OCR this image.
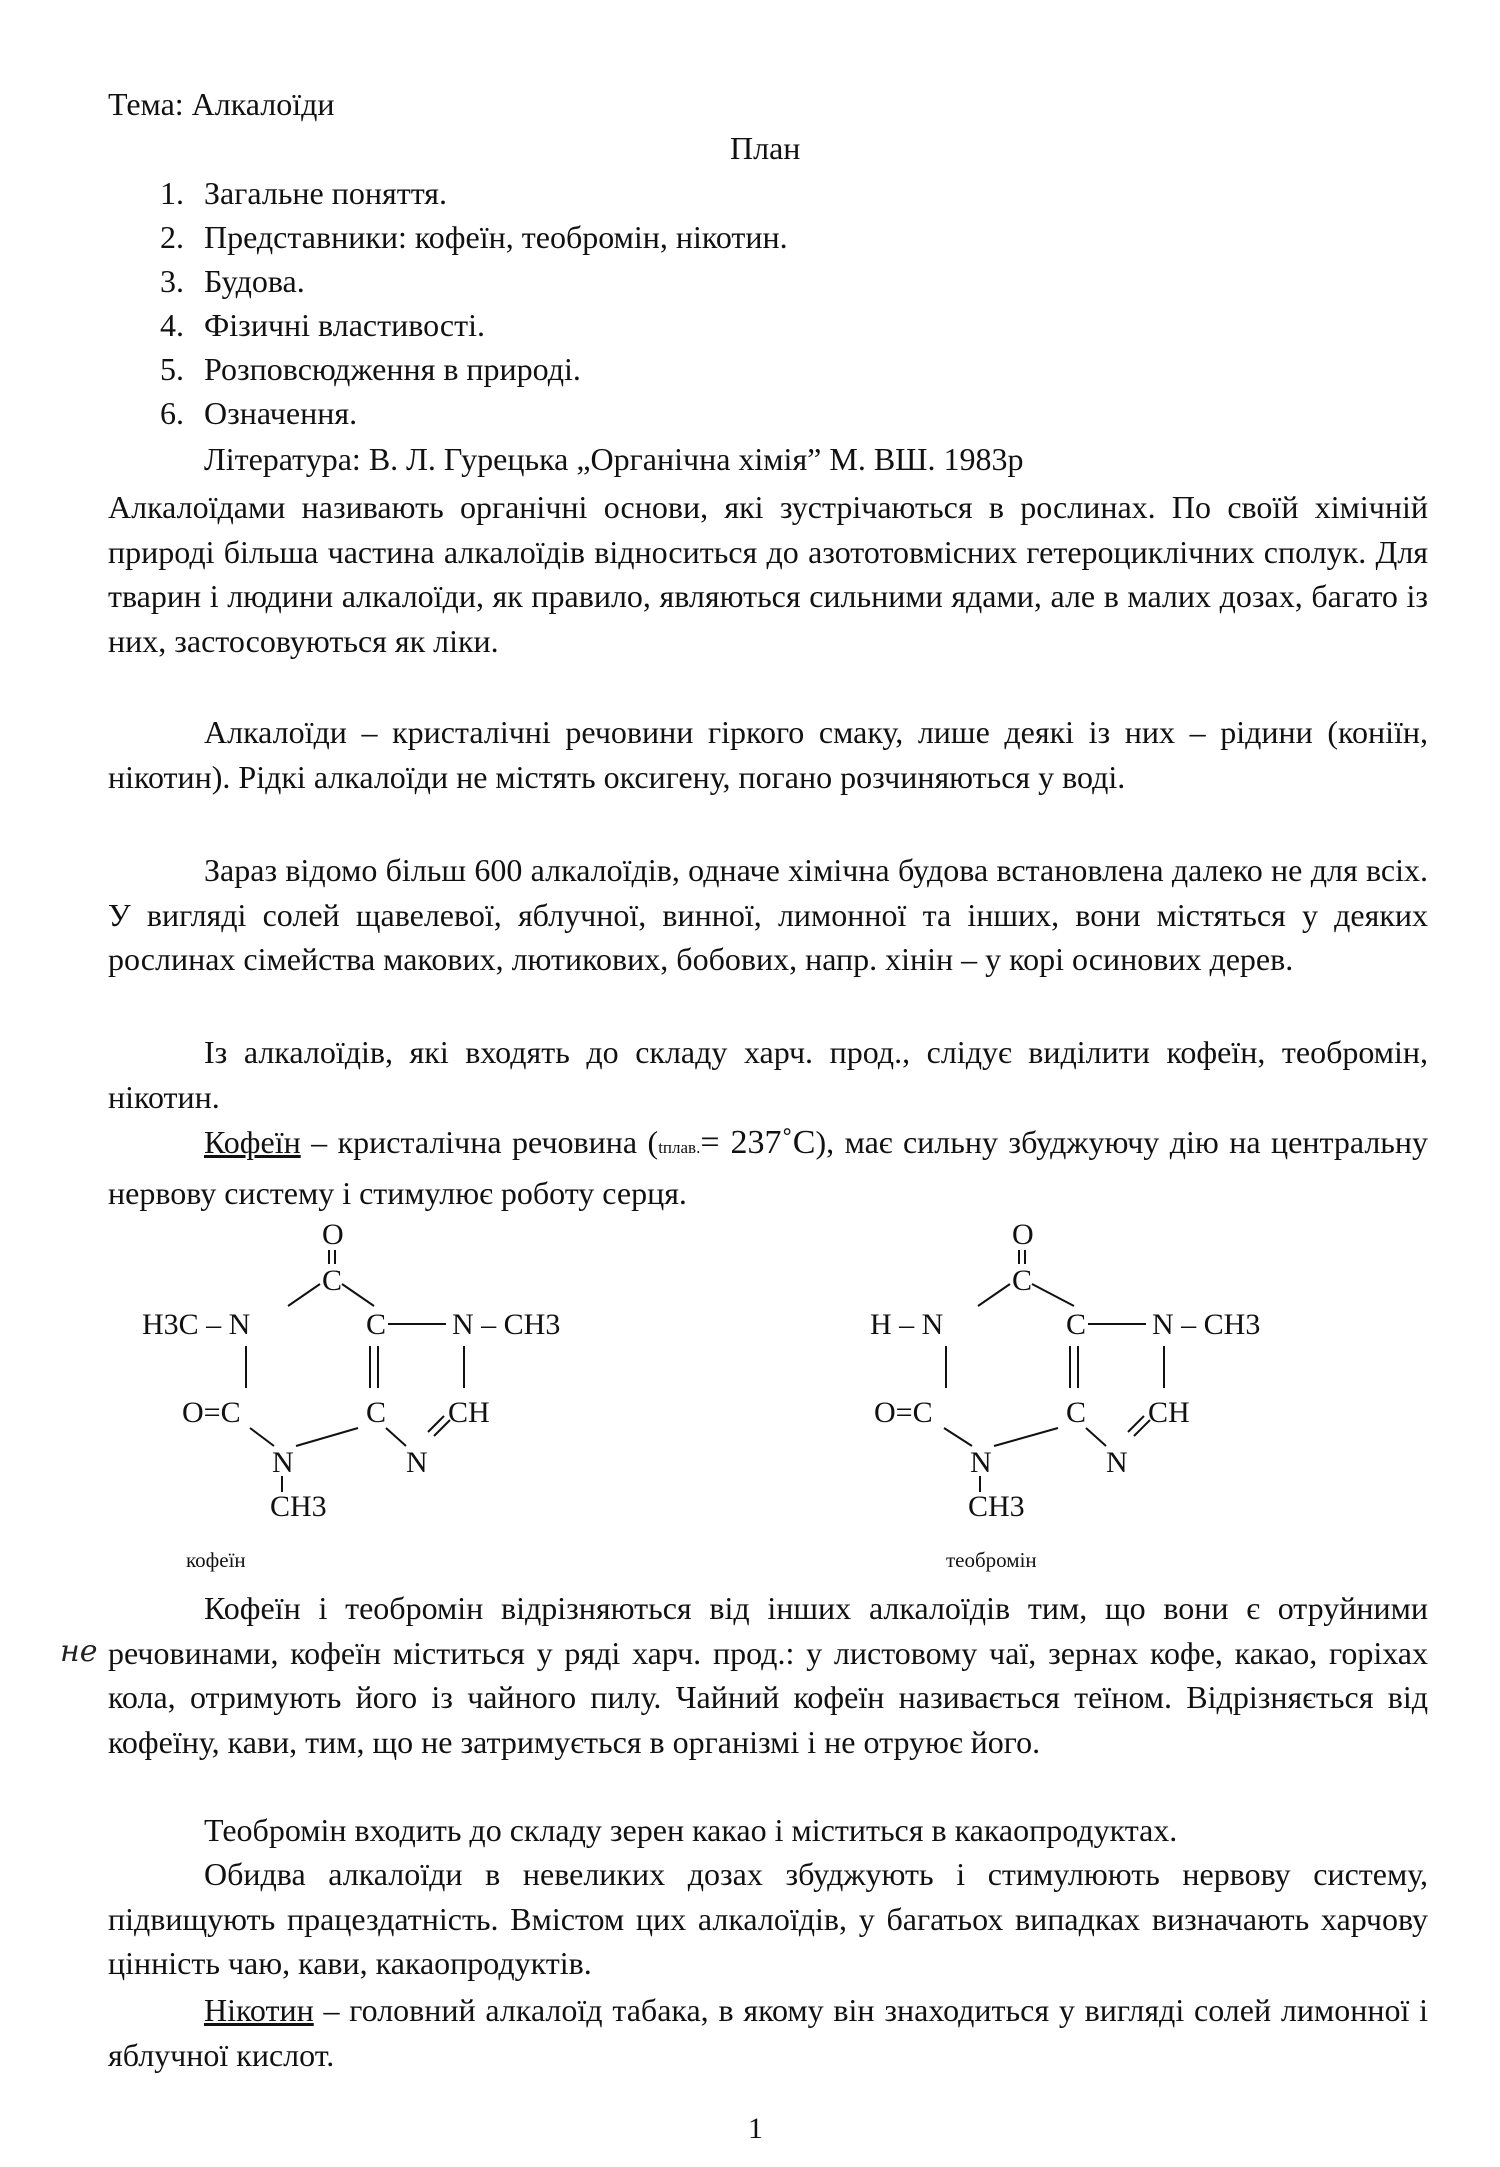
Тема: Алкалоїди
План
1. Загальне поняття.
2. Представники: кофеїн, теобромін, нікотин.
3. Будова.
4. Фізичні властивості.
5. Розповсюдження в природі.
6. Означення.
Література: В. Л. Гурецька „Органічна хімія” М. ВШ. 1983р
Алкалоїдами називають органічні основи, які зустрічаються в рослинах. По своїй хімічній природі більша частина алкалоїдів відноситься до азототовмісних гетероциклічних сполук. Для тварин і людини алкалоїди, як правило, являються сильними ядами, але в малих дозах, багато із них, застосовуються як ліки.
Алкалоїди – кристалічні речовини гіркого смаку, лише деякі із них – рідини (коніїн, нікотин). Рідкі алкалоїди не містять оксигену, погано розчиняються у воді.
Зараз відомо більш 600 алкалоїдів, одначе хімічна будова встановлена далеко не для всіх. У вигляді солей щавелевої, яблучної, винної, лимонної та інших, вони містяться у деяких рослинах сімейства макових, лютикових, бобових, напр. хінін – у корі осинових дерев.
Із алкалоїдів, які входять до складу харч. прод., слідує виділити кофеїн, теобромін, нікотин.
Кофеїн – кристалічна речовина (tплав.= 237˚С), має сильну збуджуючу дію на центральну нервову систему і стимулює роботу серця.
O
C
H3C – N	C N – CH3
O=C	C CH
N	N
CH3
O
C
H – N	C N – CH3
O=C	C CH
N	N
CH3
кофеїн	теобромін
не
Кофеїн і теобромін відрізняються від інших алкалоїдів тим, що вони є отруйними речовинами, кофеїн міститься у ряді харч. прод.: у листовому чаї, зернах кофе, какао, горіхах кола, отримують його із чайного пилу. Чайний кофеїн називається теїном. Відрізняється від кофеїну, кави, тим, що не затримується в організмі і не отруює його.
Теобромін входить до складу зерен какао і міститься в какаопродуктах.
Обидва алкалоїди в невеликих дозах збуджують і стимулюють нервову систему, підвищують працездатність. Вмістом цих алкалоїдів, у багатьох випадках визначають харчову цінність чаю, кави, какаопродуктів.
Нікотин – головний алкалоїд табака, в якому він знаходиться у вигляді солей лимонної і яблучної кислот.
1
